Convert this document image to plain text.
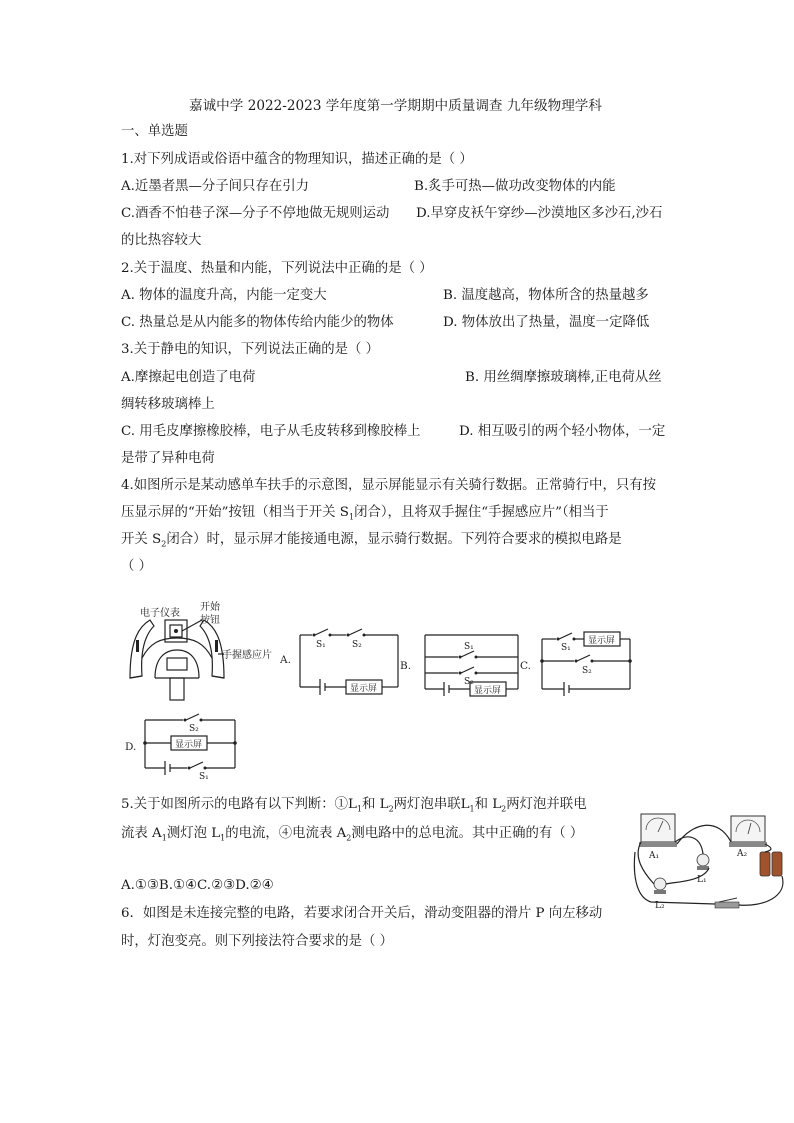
嘉诚中学 2022-2023 学年度第一学期期中质量调查 九年级物理学科
一、单选题
1.对下列成语或俗语中蕴含的物理知识，描述正确的是（ ）
A.近墨者黑—分子间只存在引力	B.炙手可热—做功改变物体的内能
C.酒香不怕巷子深—分子不停地做无规则运动 D.早穿皮袄午穿纱—沙漠地区多沙石,沙石
的比热容较大
2.关于温度、热量和内能，下列说法中正确的是（ ）
A. 物体的温度升高，内能一定变大	B. 温度越高，物体所含的热量越多
C. 热量总是从内能多的物体传给内能少的物体	D. 物体放出了热量，温度一定降低
3.关于静电的知识，下列说法正确的是（ ）
A.摩擦起电创造了电荷	B. 用丝绸摩擦玻璃棒,正电荷从丝
绸转移玻璃棒上
C. 用毛皮摩擦橡胶棒，电子从毛皮转移到橡胶棒上	D. 相互吸引的两个轻小物体，一定
是带了异种电荷
4.如图所示是某动感单车扶手的示意图，显示屏能显示有关骑行数据。正常骑行中，只有按
压显示屏的“开始”按钮（相当于开关 $S_1$闭合），且将双手握住“手握感应片”（相当于
开关 $S_2$闭合）时，显示屏才能接通电源，显示骑行数据。下列符合要求的模拟电路是
（ ）
电子仪表
开始
按钮
手握感应片 A.
S₁	S₂
显示屏
B.
S₁
S₂
显示屏
C.
S₁
显示屏
S₂
D.
S₂
显示屏
S₁
5.关于如图所示的电路有以下判断：$①L_1$和 $L_2$两灯泡串联$L_1$和 $L_2$两灯泡并联电
流表 $A_1$测灯泡 $L_1$的电流，④电流表 $A_2$测电路中的总电流。其中正确的有（ ）
A.①③B.①④C.②③D.②④
A₁	A₂
L₁
L₂
6．如图是未连接完整的电路，若要求闭合开关后，滑动变阻器的滑片 P 向左移动
时，灯泡变亮。则下列接法符合要求的是（ ）
